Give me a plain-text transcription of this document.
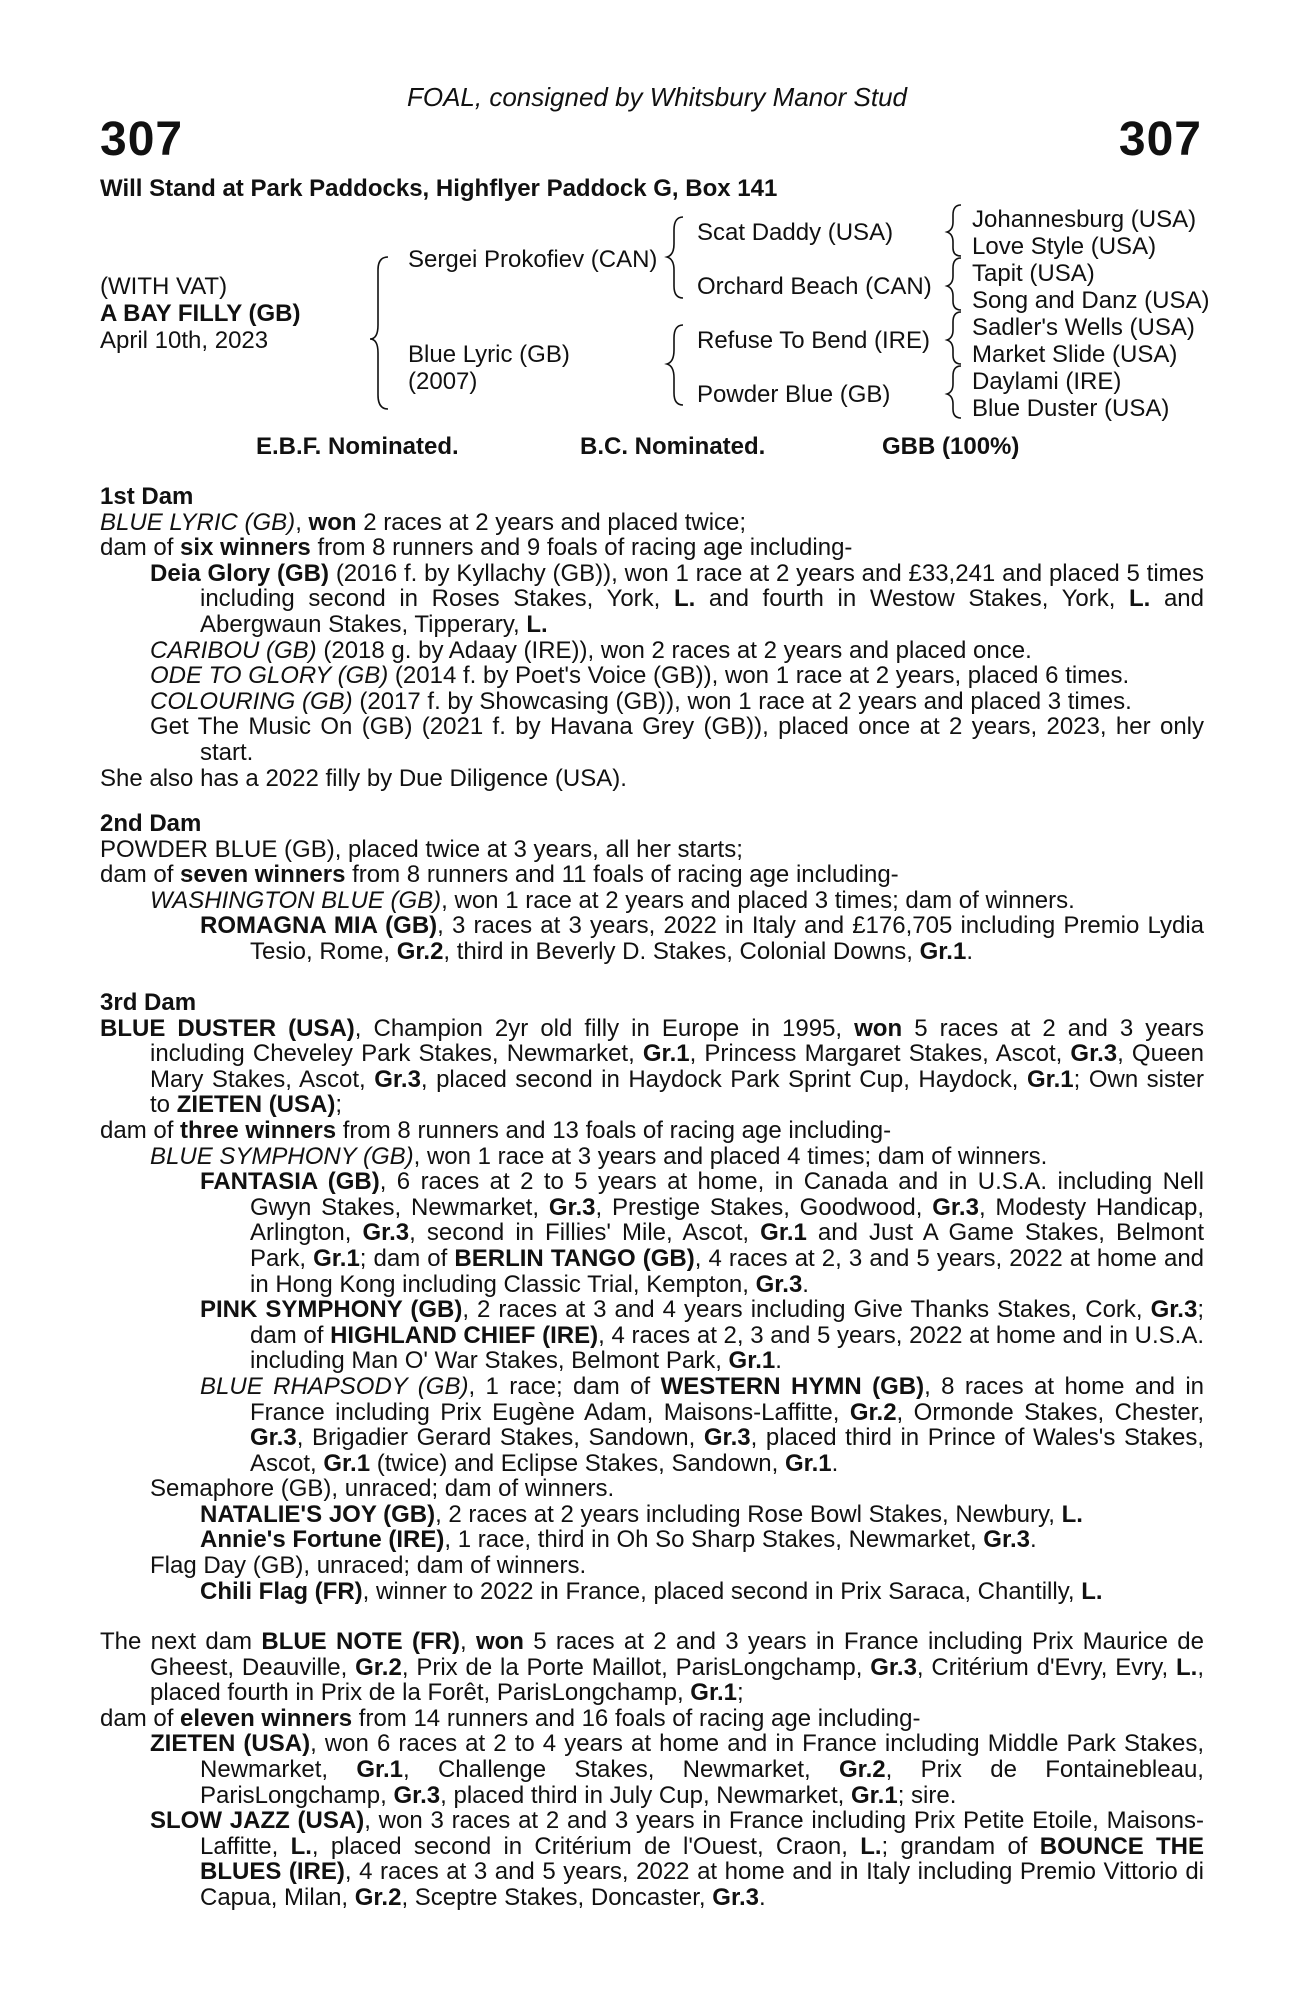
FOAL, consigned by Whitsbury Manor Stud
307	307
Will Stand at Park Paddocks, Highflyer Paddock G, Box 141
(WITH VAT)
A BAY FILLY (GB)
April 10th, 2023
Sergei Prokofiev (CAN)
Blue Lyric (GB)
(2007)
Scat Daddy (USA)
Orchard Beach (CAN)
Refuse To Bend (IRE)
Powder Blue (GB)
Johannesburg (USA)
Love Style (USA)
Tapit (USA)
Song and Danz (USA)
Sadler's Wells (USA)
Market Slide (USA)
Daylami (IRE)
Blue Duster (USA)
E.B.F. Nominated.	B.C. Nominated.	GBB (100%)

1st Dam

BLUE LYRIC (GB), won 2 races at 2 years and placed twice;

dam of six winners from 8 runners and 9 foals of racing age including-

Deia Glory (GB) (2016 f. by Kyllachy (GB)), won 1 race at 2 years and £33,241 and placed 5 times including second in Roses Stakes, York, L. and fourth in Westow Stakes, York, L. and Abergwaun Stakes, Tipperary, L.

CARIBOU (GB) (2018 g. by Adaay (IRE)), won 2 races at 2 years and placed once.

ODE TO GLORY (GB) (2014 f. by Poet's Voice (GB)), won 1 race at 2 years, placed 6 times.

COLOURING (GB) (2017 f. by Showcasing (GB)), won 1 race at 2 years and placed 3 times.

Get The Music On (GB) (2021 f. by Havana Grey (GB)), placed once at 2 years, 2023, her only start.

She also has a 2022 filly by Due Diligence (USA).

2nd Dam

POWDER BLUE (GB), placed twice at 3 years, all her starts;

dam of seven winners from 8 runners and 11 foals of racing age including-

WASHINGTON BLUE (GB), won 1 race at 2 years and placed 3 times; dam of winners.

ROMAGNA MIA (GB), 3 races at 3 years, 2022 in Italy and £176,705 including Premio Lydia Tesio, Rome, Gr.2, third in Beverly D. Stakes, Colonial Downs, Gr.1.

3rd Dam

BLUE DUSTER (USA), Champion 2yr old filly in Europe in 1995, won 5 races at 2 and 3 years including Cheveley Park Stakes, Newmarket, Gr.1, Princess Margaret Stakes, Ascot, Gr.3, Queen Mary Stakes, Ascot, Gr.3, placed second in Haydock Park Sprint Cup, Haydock, Gr.1; Own sister to ZIETEN (USA);

dam of three winners from 8 runners and 13 foals of racing age including-

BLUE SYMPHONY (GB), won 1 race at 3 years and placed 4 times; dam of winners.

FANTASIA (GB), 6 races at 2 to 5 years at home, in Canada and in U.S.A. including Nell Gwyn Stakes, Newmarket, Gr.3, Prestige Stakes, Goodwood, Gr.3, Modesty Handicap, Arlington, Gr.3, second in Fillies' Mile, Ascot, Gr.1 and Just A Game Stakes, Belmont Park, Gr.1; dam of BERLIN TANGO (GB), 4 races at 2, 3 and 5 years, 2022 at home and in Hong Kong including Classic Trial, Kempton, Gr.3.

PINK SYMPHONY (GB), 2 races at 3 and 4 years including Give Thanks Stakes, Cork, Gr.3; dam of HIGHLAND CHIEF (IRE), 4 races at 2, 3 and 5 years, 2022 at home and in U.S.A. including Man O' War Stakes, Belmont Park, Gr.1.

BLUE RHAPSODY (GB), 1 race; dam of WESTERN HYMN (GB), 8 races at home and in France including Prix Eugène Adam, Maisons-Laffitte, Gr.2, Ormonde Stakes, Chester, Gr.3, Brigadier Gerard Stakes, Sandown, Gr.3, placed third in Prince of Wales's Stakes, Ascot, Gr.1 (twice) and Eclipse Stakes, Sandown, Gr.1.

Semaphore (GB), unraced; dam of winners.

NATALIE'S JOY (GB), 2 races at 2 years including Rose Bowl Stakes, Newbury, L.

Annie's Fortune (IRE), 1 race, third in Oh So Sharp Stakes, Newmarket, Gr.3.

Flag Day (GB), unraced; dam of winners.

Chili Flag (FR), winner to 2022 in France, placed second in Prix Saraca, Chantilly, L.

The next dam BLUE NOTE (FR), won 5 races at 2 and 3 years in France including Prix Maurice de Gheest, Deauville, Gr.2, Prix de la Porte Maillot, ParisLongchamp, Gr.3, Critérium d'Evry, Evry, L., placed fourth in Prix de la Forêt, ParisLongchamp, Gr.1;

dam of eleven winners from 14 runners and 16 foals of racing age including-

ZIETEN (USA), won 6 races at 2 to 4 years at home and in France including Middle Park Stakes, Newmarket, Gr.1, Challenge Stakes, Newmarket, Gr.2, Prix de Fontainebleau, ParisLongchamp, Gr.3, placed third in July Cup, Newmarket, Gr.1; sire.

SLOW JAZZ (USA), won 3 races at 2 and 3 years in France including Prix Petite Etoile, Maisons-Laffitte, L., placed second in Critérium de l'Ouest, Craon, L.; grandam of BOUNCE THE BLUES (IRE), 4 races at 3 and 5 years, 2022 at home and in Italy including Premio Vittorio di Capua, Milan, Gr.2, Sceptre Stakes, Doncaster, Gr.3.
